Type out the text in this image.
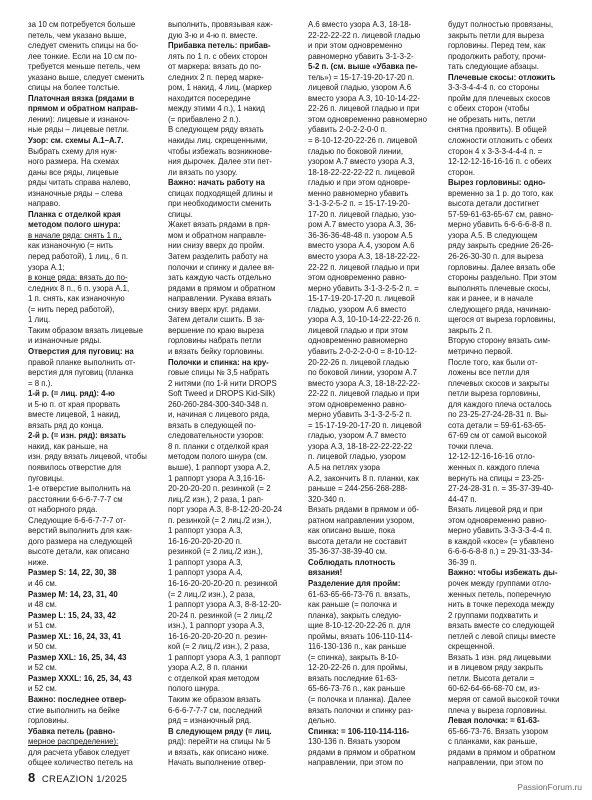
за 10 см потребуется больше

петель, чем указано выше,

следует сменить спицы на бо-

лее тонкие. Если на 10 см по-

требуется меньше петель, чем

указано выше, следует сменить

спицы на более толстые.

Платочная вязка (рядами в прямом и обратном направ-

лении): лицевые и изнаноч-

ные ряды – лицевые петли.

Узор: см. схемы А.1–А.7.

Выбрать схему для нуж-

ного размера. На схемах

даны все ряды, лицевые

ряды читать справа налево,

изнаночные ряды – слева

направо.

Планка с отделкой края

методом полого шнура:

в начале ряда: снять 1 п.,

как изнаночную (= нить

перед работой), 1 лиц., 6 п.

узора А.1;

в конце ряда: вязать до по-

следних 8 п., 6 п. узора А.1,

1 п. снять, как изнаночную

(= нить перед работой),

1 лиц.

Таким образом вязать лицевые

и изнаночные ряды.

Отверстия для пуговиц: на

правой планке выполнить от-

верстия для пуговиц (планка

= 8 п.).

1-й р. (= лиц. ряд): 4-ю

и 5-ю п. от края прорвать

вместе лицевой, 1 накид,

вязать ряд до конца.

2-й р. (= изн. ряд): вязать

накид, как раньше, на

изн. ряду вязать лицевой, чтобы

появилось отверстие для

пуговицы.

1-е отверстие выполнить на

расстоянии 6-6-6-7-7-7 см

от наборного ряда.

Следующие 6-6-6-7-7-7 от-

верстий выполнить для каж-

дого размера на следующей

высоте детали, как описано

ниже.

Размер S: 14, 22, 30, 38

и 46 см.

Размер M: 14, 23, 31, 40

и 48 см.

Размер L: 15, 24, 33, 42

и 51 см.

Размер XL: 16, 24, 33, 41

и 50 см.

Размер XXL: 16, 25, 34, 43

и 52 см.

Размер XXXL: 16, 25, 34, 43

и 52 см.

Важно: последнее отвер-

стие выполнить на бейке

горловины.

Убавка петель (равно-

мерное распределение):

для расчета убавок следует

общее количество петель на

выполнить, провязывая каж-

дую 3-ю и 4-ю п. вместе.

Прибавка петель: прибав-

лять по 1 п. с обеих сторон

от маркера: вязать до по-

следних 2 п. перед марке-

ром, 1 накид, 4 лиц. (маркер

находится посередине

между этими 4 п.), 1 накид

(= прибавлено 2 п.).

В следующем ряду вязать

накиды лиц. скрещенными,

чтобы избежать возникнове-

ния дырочек. Далее эти пет-

ли вязать по узору.

Важно: начать работу на

спицах подходящей длины и

при необходимости сменить

спицы.

Жакет вязать рядами в пря-

мом и обратном направле-

нии снизу вверх до пройм.

Затем разделить работу на

полочки и спинку и далее вя-

зать каждую часть отдельно

рядами в прямом и обратном

направлении. Рукава вязать

снизу вверх круг. рядами.

Затем детали сшить. В за-

вершение по краю выреза

горловины набрать петли

и вязать бейку горловины.

Полочки и спинка: на кру-

говые спицы № 3,5 набрать

2 нитями (по 1-й нити DROPS

Soft Tweed и DROPS Kid-Silk)

260-260-284-300-340-348 п.

и, начиная с лицевого ряда,

вязать в следующей по-

следовательности узоров:

8 п. планки с отделкой края

методом полого шнура (см.

выше), 1 раппорт узора А.2,

1 раппорт узора А.3,16-16-

20-20-20-20 п. резинкой (= 2

лиц./2 изн.), 2 раза, 1 рап-

порт узора А.3, 8-8-12-20-20-24

п. резинкой (= 2 лиц./2 изн.),

1 раппорт узора А.3,

16-16-20-20-20-20 п.

резинкой (= 2 лиц./2 изн.),

1 раппорт узора А.3,

1 раппорт узора А.4,

16-16-20-20-20-20 п. резинкой

(= 2 лиц./2 изн.), 2 раза,

1 раппорт узора А.3, 8-8-12-20-

20-24 п. резинкой (= 2 лиц./2

изн.), 1 раппорт узора А.3,

16-16-20-20-20-20 п. резин-

кой (= 2 лиц./2 изн.), 2 раза,

1 раппорт узора А.3, 1 раппорт

узора А.2, 8 п. планки

с отделкой края методом

полого шнура.

Таким же образом вязать

6-6-6-7-7-7 см, последний

ряд = изнаночный ряд.

В следующем ряду (= лиц.

ряд): перейти на спицы № 5

и вязать, как описано ниже.

Начать выполнение отвер-

А.6 вместо узора А.3, 18-18-

22-22-22-22 п. лицевой гладью

и при этом одновременно

равномерно убавить 3-1-3-2-

5-2 п. (см. выше «Убавка пе-

тель») = 15-17-19-20-17-20 п.

лицевой гладью, узором А.6

вместо узора А.3, 10-10-14-22-

22-26 п. лицевой гладью и при

этом одновременно равномерно

убавить 2-0-2-2-0-0 п.

= 8-10-12-20-22-26 п. лицевой

гладью по боковой линии,

узором А.7 вместо узора А.3,

18-18-22-22-22-22 п. лицевой

гладью и при этом одновре-

менно равномерно убавить

3-1-3-2-5-2 п. = 15-17-19-20-

17-20 п. лицевой гладью, узо-

ром А.7 вместо узора А.3, 36-

36-36-36-48-48 п. узором А.5

вместо узора А.4, узором А.6

вместо узора А.3, 18-18-22-22-

22-22 п. лицевой гладью и при

этом одновременно равно-

мерно убавить 3-1-3-2-5-2 п. =

15-17-19-20-17-20 п. лицевой

гладью, узором А.6 вместо

узора А.3, 10-10-14-22-22-26 п.

лицевой гладью и при этом

одновременно равномерно

убавить 2-0-2-2-0-0 = 8-10-12-

20-22-26 п. лицевой гладью

по боковой линии, узором А.7

вместо узора А.3, 18-18-22-22-

22-22 п. лицевой гладью и при

этом одновременно равно-

мерно убавить 3-1-3-2-5-2 п.

= 15-17-19-20-17-20 п. лицевой

гладью, узором А.7 вместо

узора А.3, 18-18-22-22-22-22

п. лицевой гладью, узором

А.5 на петлях узора

А.2, закончить 8 п. планки, как

раньше = 244-256-268-288-

320-340 п.

Вязать рядами в прямом и об-

ратном направлении узором,

как описано выше, пока

высота детали не составит

35-36-37-38-39-40 см.

Соблюдать плотность

вязания!

Разделение для пройм:

61-63-65-66-73-76 п. вязать,

как раньше (= полочка и

планка), закрыть следую-

щие 8-10-12-20-22-26 п. для

проймы, вязать 106-110-114-

116-130-136 п., как раньше

(= спинка), закрыть 8-10-

12-20-22-26 п. для проймы,

вязать последние 61-63-

65-66-73-76 п., как раньше

(= полочка и планка). Далее

вязать полочки и спинку раз-

дельно.

Спинка: = 106-110-114-116-

130-136 п. Вязать узором

рядами в прямом и обратном

направлении, при этом по

будут полностью провязаны,

закрыть петли для выреза

горловины. Перед тем, как

продолжить работу, прочи-

тать следующие абзацы.

Плечевые скосы: отложить

3-3-3-4-4-4 п. со стороны

пройм для плечевых скосов

с обеих сторон (чтобы

не обрезать нить, петли

снятна проявить). В общей

сложности отложить с обеих

сторон 4 х 3-3-3-4-4-4 п. =

12-12-12-16-16-16 п. с обеих

сторон.

Вырез горловины: одно-

временно за 1 р. до того, как

высота детали достигнет

57-59-61-63-65-67 см, равно-

мерно убавить 6-6-6-6-8-8 п.

узора А.5. В следующем

ряду закрыть средние 26-26-

26-26-30-30 п. для выреза

горловины. Далее вязать обе

стороны раздельно. При этом

выполнять плечевые скосы,

как и ранее, и в начале

следующего ряда, начинаю-

щегося от выреза горловины,

закрыть 2 п.

Вторую сторону вязать сим-

метрично первой.

После того, как были от-

ложены все петли для

плечевых скосов и закрыты

петли выреза горловины,

для каждого плеча осталось

по 23-25-27-24-28-31 п. Вы-

сота детали = 59-61-63-65-

67-69 см от самой высокой

точки плеча.

12-12-12-16-16-16 отло-

женных п. каждого плеча

вернуть на спицы = 23-25-

27-24-28-31 п. = 35-37-39-40-

44-47 п.

Вязать лицевой ряд и при

этом одновременно равно-

мерно убавить 3-3-3-3-4-4 п.

в каждой «косе» (= убавлено

6-6-6-6-8-8 п.) = 29-31-33-34-

36-39 п.

Важно: чтобы избежать ды-

рочек между группами отло-

женных петель, поперечную

нить в точке перехода между

2 группами подхватить и

вязать вместе со следующей

петлей с левой спицы вместе

скрещенной.

Вязать 1 изн. ряд лицевыми

и в лицевом ряду закрыть

петли. Высота детали =

60-62-64-66-68-70 см, из-

меряя от самой высокой точки

плеча у выреза горловины.

Левая полочка: = 61-63-

65-66-73-76. Вязать узором

с планками, как раньше,

рядами в прямом и обратном

направлении, при этом по

8 CREAZION 1/2025
PassionForum.ru
